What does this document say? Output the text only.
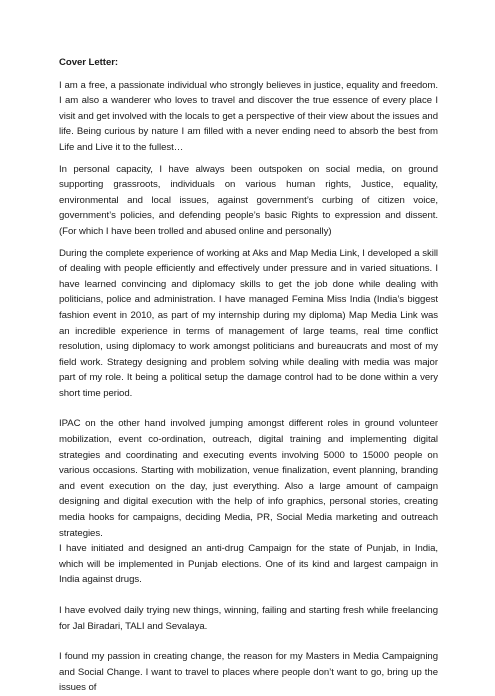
Cover Letter:

I am a free, a passionate individual who strongly believes in justice, equality and freedom. I am also a wanderer who loves to travel and discover the true essence of every place I visit and get involved with the locals to get a perspective of their view about the issues and life. Being curious by nature I am filled with a never ending need to absorb the best from Life and Live it to the fullest…

In personal capacity, I have always been outspoken on social media, on ground supporting grassroots, individuals on various human rights, Justice, equality, environmental and local issues, against government’s curbing of citizen voice, government’s policies, and defending people’s basic Rights to expression and dissent. (For which I have been trolled and abused online and personally)

During the complete experience of working at Aks and Map Media Link, I developed a skill of dealing with people efficiently and effectively under pressure and in varied situations. I have learned convincing and diplomacy skills to get the job done while dealing with politicians, police and administration. I have managed Femina Miss India (India’s biggest fashion event in 2010, as part of my internship during my diploma) Map Media Link was an incredible experience in terms of management of large teams, real time conflict resolution, using diplomacy to work amongst politicians and bureaucrats and most of my field work. Strategy designing and problem solving while dealing with media was major part of my role. It being a political setup the damage control had to be done within a very short time period.

IPAC on the other hand involved jumping amongst different roles in ground volunteer mobilization, event co-ordination, outreach, digital training and implementing digital strategies and coordinating and executing events involving 5000 to 15000 people on various occasions. Starting with mobilization, venue finalization, event planning, branding and event execution on the day, just everything. Also a large amount of campaign designing and digital execution with the help of info graphics, personal stories, creating media hooks for campaigns, deciding Media, PR, Social Media marketing and outreach strategies.

I have initiated and designed an anti-drug Campaign for the state of Punjab, in India, which will be implemented in Punjab elections. One of its kind and largest campaign in India against drugs.

I have evolved daily trying new things, winning, failing and starting fresh while freelancing for Jal Biradari, TALI and Sevalaya.

I found my passion in creating change, the reason for my Masters in Media Campaigning and Social Change. I want to travel to places where people don’t want to go, bring up the issues of
